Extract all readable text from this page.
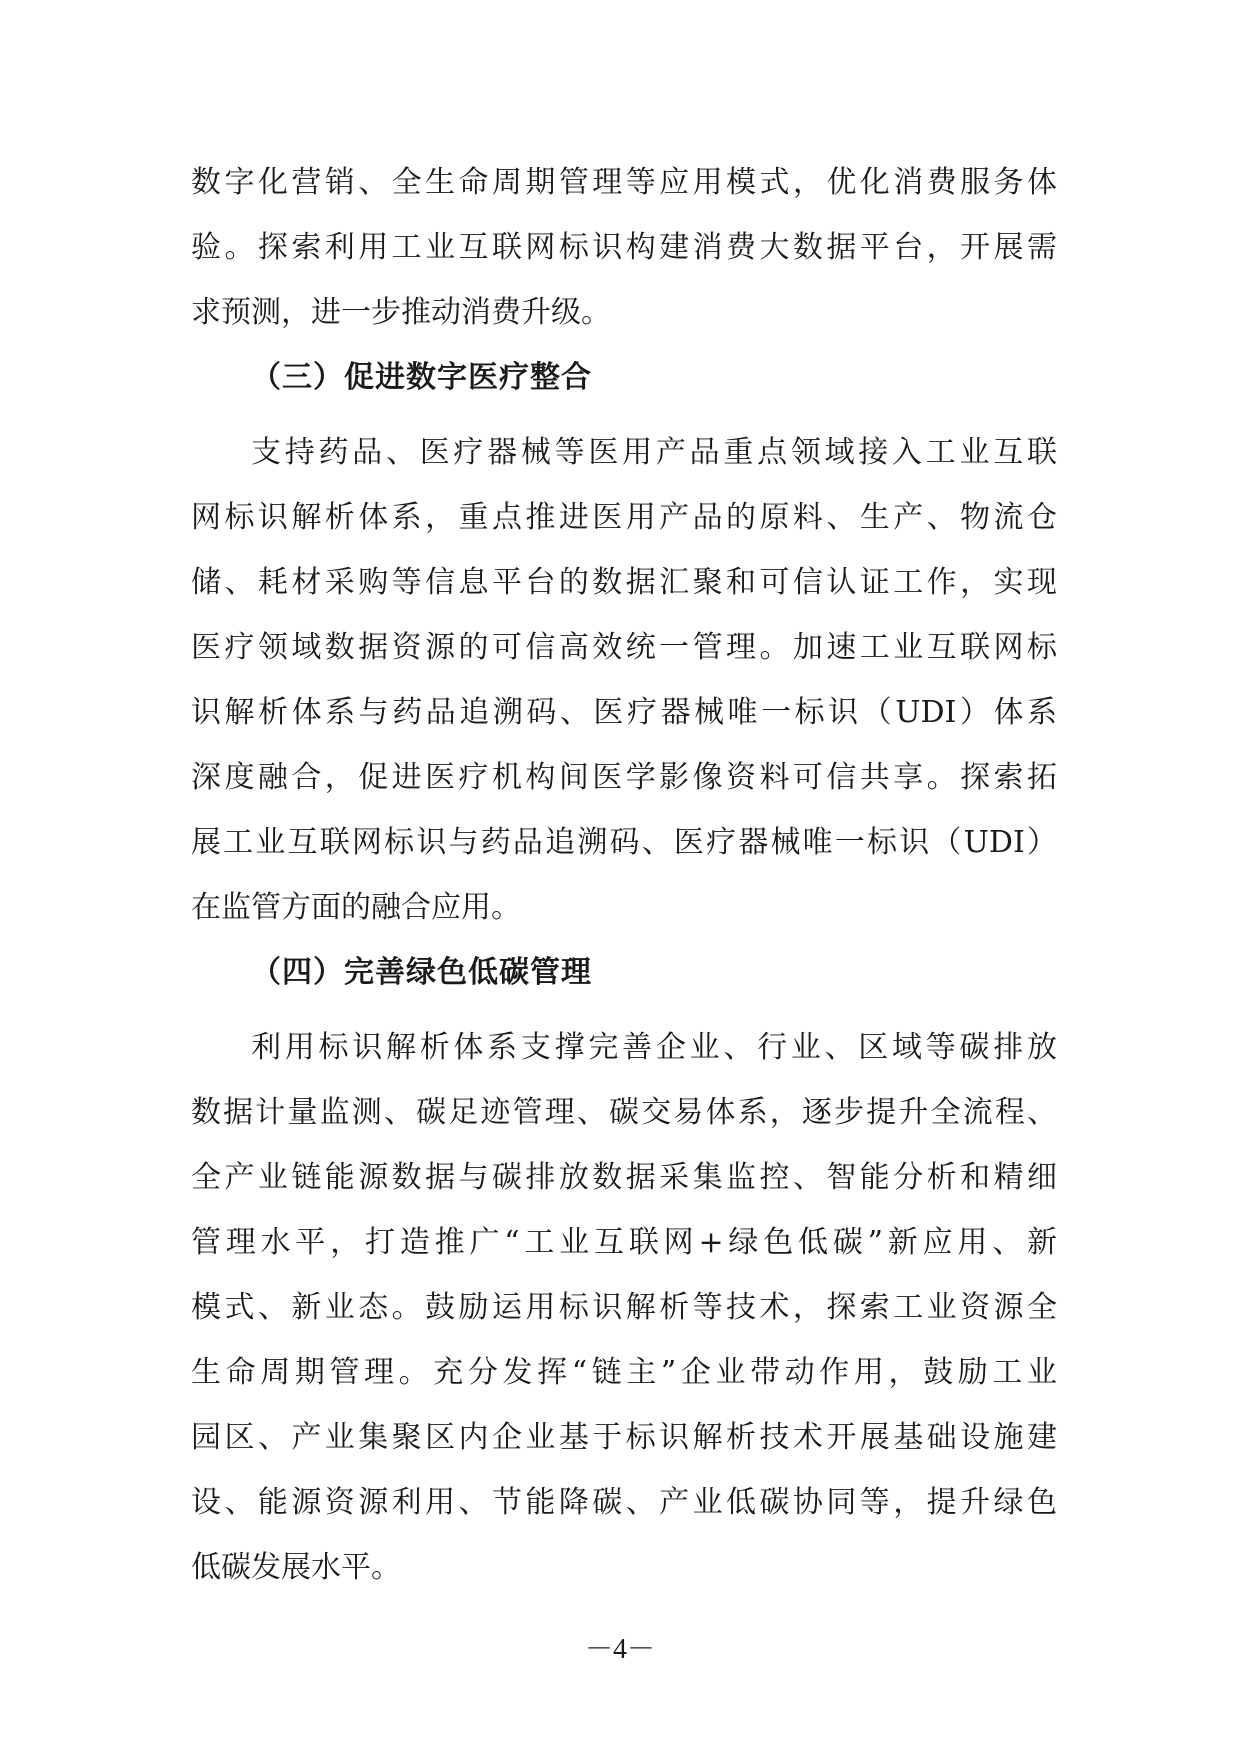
数字化营销、全生命周期管理等应用模式，优化消费服务体
验。探索利用工业互联网标识构建消费大数据平台，开展需
求预测，进一步推动消费升级。
（三）促进数字医疗整合
支持药品、医疗器械等医用产品重点领域接入工业互联
网标识解析体系，重点推进医用产品的原料、生产、物流仓
储、耗材采购等信息平台的数据汇聚和可信认证工作，实现
医疗领域数据资源的可信高效统一管理。加速工业互联网标
识解析体系与药品追溯码、医疗器械唯一标识（UDI）体系
深度融合，促进医疗机构间医学影像资料可信共享。探索拓
展工业互联网标识与药品追溯码、医疗器械唯一标识（UDI）
在监管方面的融合应用。
（四）完善绿色低碳管理
利用标识解析体系支撑完善企业、行业、区域等碳排放
数据计量监测、碳足迹管理、碳交易体系，逐步提升全流程、
全产业链能源数据与碳排放数据采集监控、智能分析和精细
管理水平，打造推广“工业互联网+绿色低碳”新应用、新
模式、新业态。鼓励运用标识解析等技术，探索工业资源全
生命周期管理。充分发挥“链主”企业带动作用，鼓励工业
园区、产业集聚区内企业基于标识解析技术开展基础设施建
设、能源资源利用、节能降碳、产业低碳协同等，提升绿色
低碳发展水平。
－4－
